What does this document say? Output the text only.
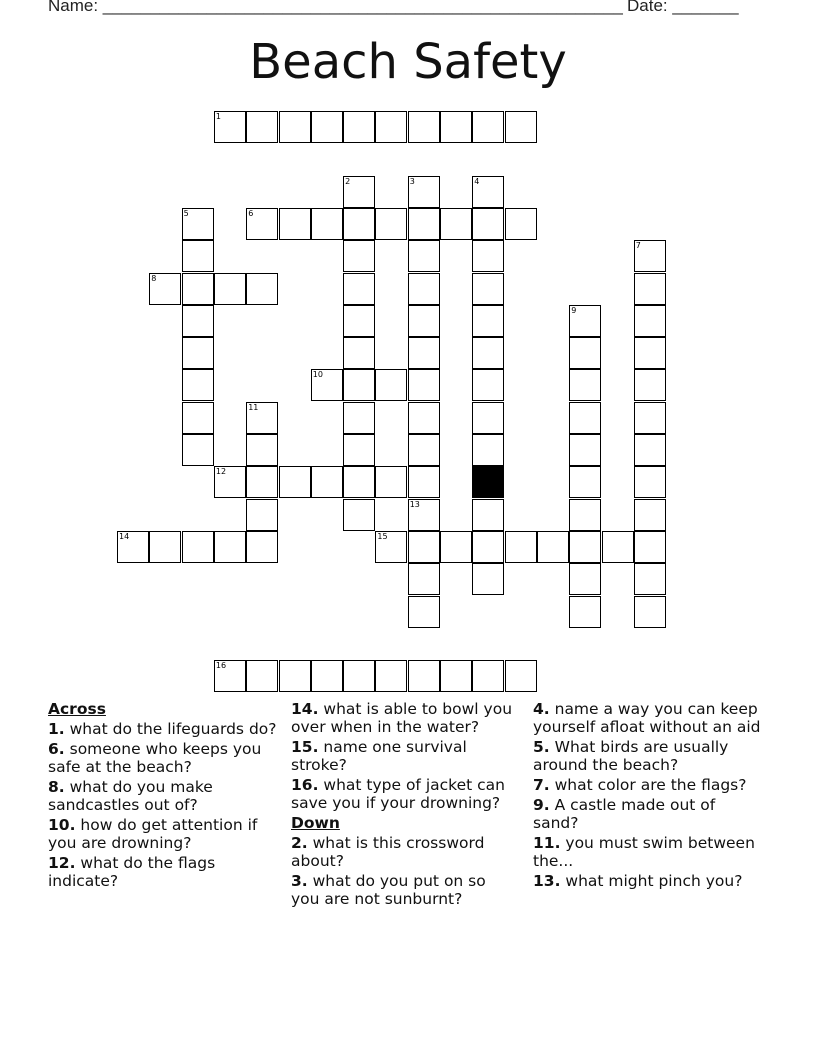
Name: _______________________________________________________ Date: _______
Beach Safety
1
2	3	4
5	6
7
8
9
10
11
12
13
14	15
16
Across
1. what do the lifeguards do?
6. someone who keeps you safe at the beach?
8. what do you make sandcastles out of?
10. how do get attention if you are drowning?
12. what do the flags indicate?
14. what is able to bowl you over when in the water?
15. name one survival stroke?
16. what type of jacket can save you if your drowning?
Down
2. what is this crossword about?
3. what do you put on so you are not sunburnt?
4. name a way you can keep yourself afloat without an aid
5. What birds are usually around the beach?
7. what color are the flags?
9. A castle made out of sand?
11. you must swim between the...
13. what might pinch you?
